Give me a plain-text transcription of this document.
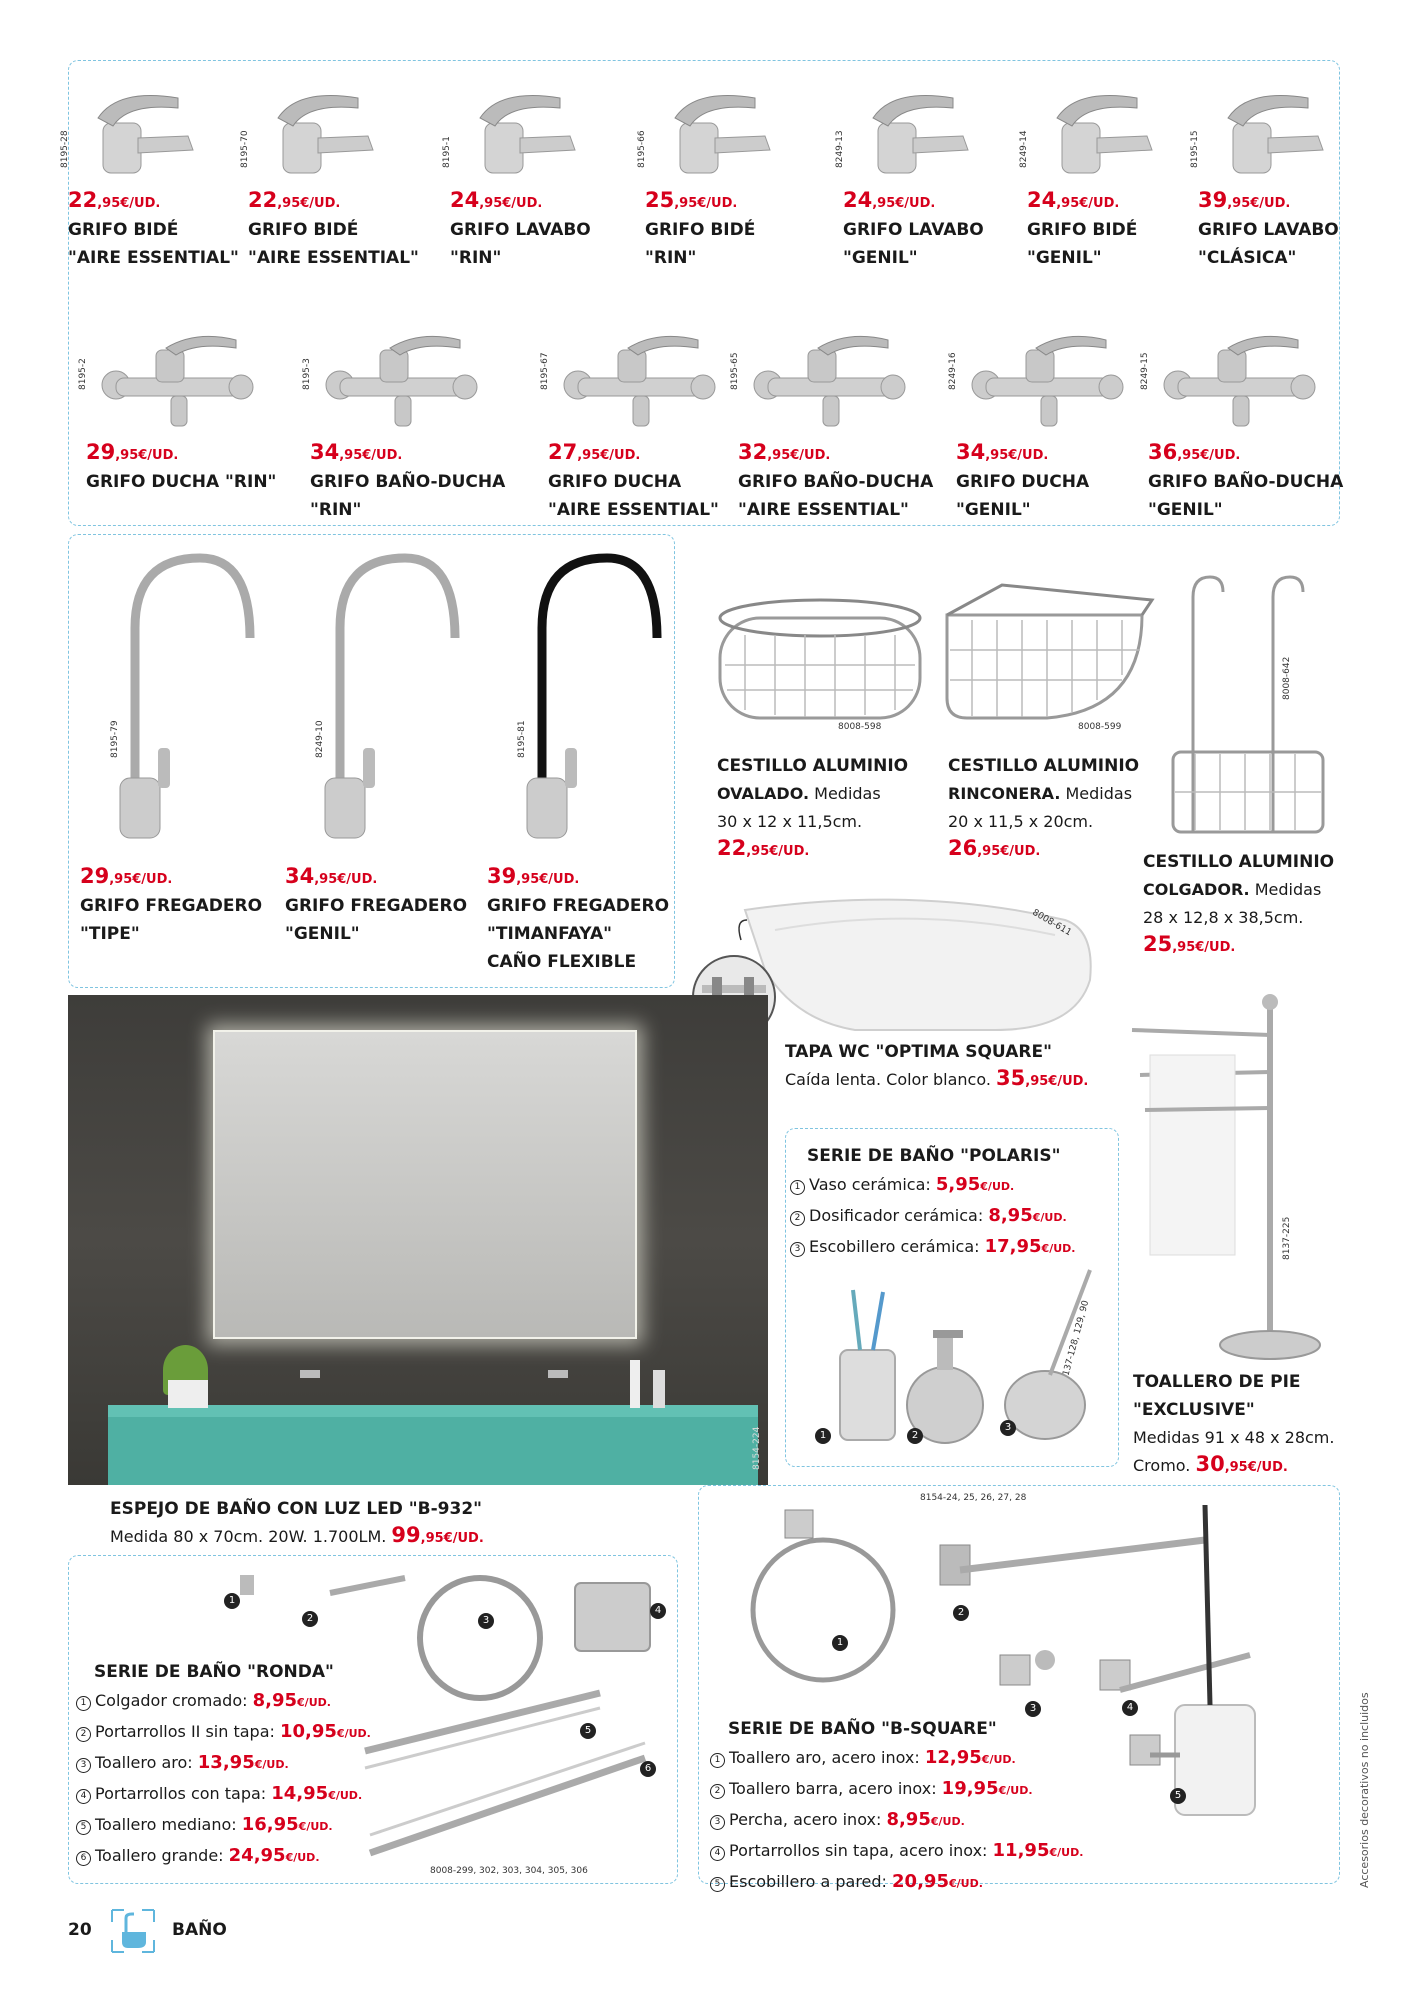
8195-28
22,95€/UD.
GRIFO BIDÉ
"AIRE ESSENTIAL"
8195-70
22,95€/UD.
GRIFO BIDÉ
"AIRE ESSENTIAL"
8195-1
24,95€/UD.
GRIFO LAVABO
"RIN"
8195-66
25,95€/UD.
GRIFO BIDÉ
"RIN"
8249-13
24,95€/UD.
GRIFO LAVABO
"GENIL"
8249-14
24,95€/UD.
GRIFO BIDÉ
"GENIL"
8195-15
39,95€/UD.
GRIFO LAVABO
"CLÁSICA"
8195-2
29,95€/UD.
GRIFO DUCHA "RIN"
8195-3
34,95€/UD.
GRIFO BAÑO-DUCHA
"RIN"
8195-67
27,95€/UD.
GRIFO DUCHA
"AIRE ESSENTIAL"
8195-65
32,95€/UD.
GRIFO BAÑO-DUCHA
"AIRE ESSENTIAL"
8249-16
34,95€/UD.
GRIFO DUCHA
"GENIL"
8249-15
36,95€/UD.
GRIFO BAÑO-DUCHA
"GENIL"
8195-79
29,95€/UD.
GRIFO FREGADERO
"TIPE"
8249-10
34,95€/UD.
GRIFO FREGADERO
"GENIL"
8195-81
39,95€/UD.
GRIFO FREGADERO
"TIMANFAYA"
CAÑO FLEXIBLE
8008-598
CESTILLO ALUMINIO
OVALADO. Medidas
30 x 12 x 11,5cm.
22,95€/UD.
8008-599
CESTILLO ALUMINIO
RINCONERA. Medidas
20 x 11,5 x 20cm.
26,95€/UD.
8008-642
CESTILLO ALUMINIO
COLGADOR. Medidas
28 x 12,8 x 38,5cm.
25,95€/UD.
8008-611
TAPA WC "OPTIMA SQUARE"
Caída lenta. Color blanco. 35,95€/UD.
8154-224
ESPEJO DE BAÑO CON LUZ LED "B-932"
Medida 80 x 70cm. 20W. 1.700LM. 99,95€/UD.
SERIE DE BAÑO "POLARIS"
1 Vaso cerámica: 5,95€/UD.
2 Dosificador cerámica: 8,95€/UD.
3 Escobillero cerámica: 17,95€/UD.
8137-128, 129, 90
1	2
3
8137-225
TOALLERO DE PIE
"EXCLUSIVE"
Medidas 91 x 48 x 28cm.
Cromo. 30,95€/UD.
1
2	3
4
5
6
SERIE DE BAÑO "RONDA"
1 Colgador cromado: 8,95€/UD.
2 Portarrollos II sin tapa: 10,95€/UD.
3 Toallero aro: 13,95€/UD.
4 Portarrollos con tapa: 14,95€/UD.
5 Toallero mediano: 16,95€/UD.
6 Toallero grande: 24,95€/UD.
8008-299, 302, 303, 304, 305, 306
8154-24, 25, 26, 27, 28
1
2
3	4
5
SERIE DE BAÑO "B-SQUARE"
1 Toallero aro, acero inox: 12,95€/UD.
2 Toallero barra, acero inox: 19,95€/UD.
3 Percha, acero inox: 8,95€/UD.
4 Portarrollos sin tapa, acero inox: 11,95€/UD.
5 Escobillero a pared: 20,95€/UD.	Accesorios decorativos no incluidos
20	BAÑO
